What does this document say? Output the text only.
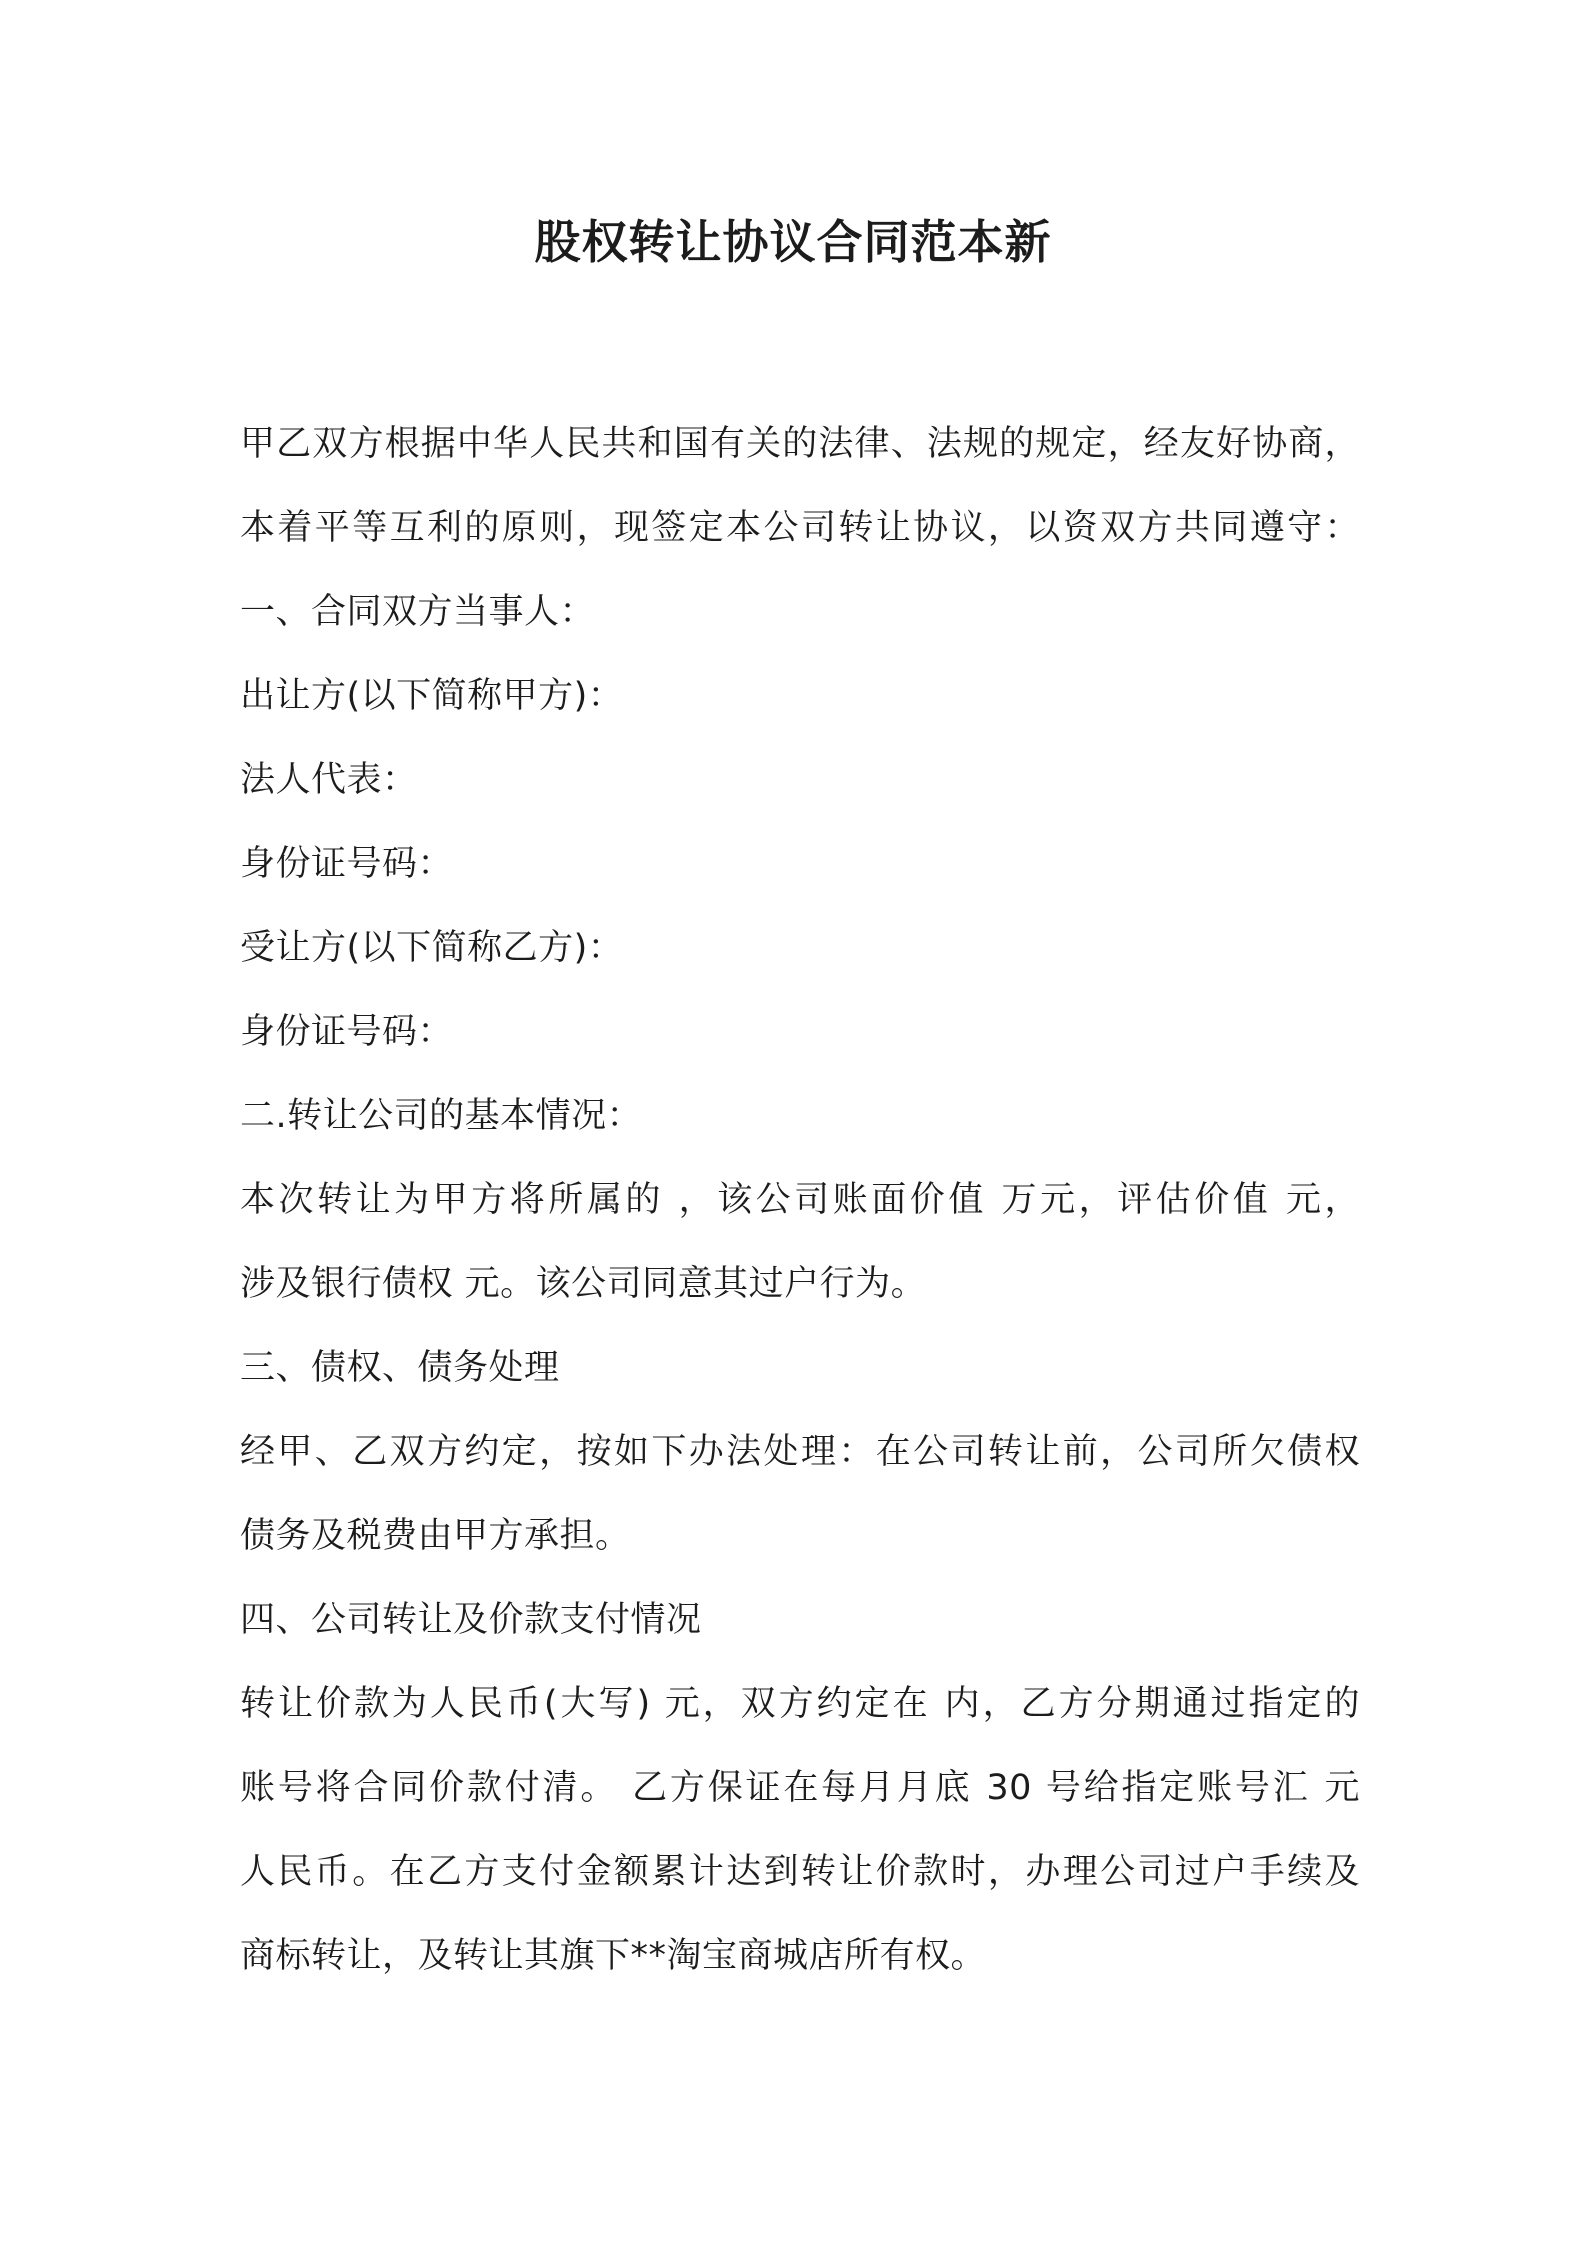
股权转让协议合同范本新
甲乙双方根据中华人民共和国有关的法律、法规的规定，经友好协商，
本着平等互利的原则，现签定本公司转让协议，以资双方共同遵守：
一、合同双方当事人：
出让方(以下简称甲方)：
法人代表：
身份证号码：
受让方(以下简称乙方)：
身份证号码：
二.转让公司的基本情况：
本次转让为甲方将所属的 ，该公司账面价值 万元，评估价值 元，
涉及银行债权 元。该公司同意其过户行为。
三、债权、债务处理
经甲、乙双方约定，按如下办法处理：在公司转让前，公司所欠债权
债务及税费由甲方承担。
四、公司转让及价款支付情况
转让价款为人民币(大写) 元，双方约定在 内，乙方分期通过指定的
账号将合同价款付清。 乙方保证在每月月底 30 号给指定账号汇 元
人民币。在乙方支付金额累计达到转让价款时，办理公司过户手续及
商标转让，及转让其旗下**淘宝商城店所有权。
